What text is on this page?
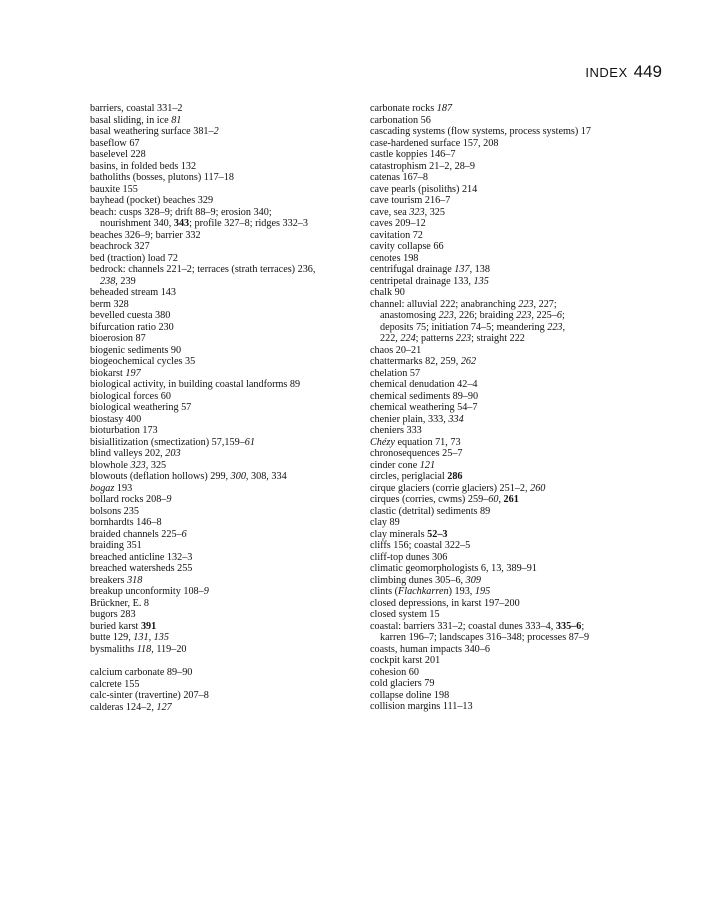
INDEX 449
barriers, coastal 331–2
basal sliding, in ice 81
basal weathering surface 381–2
baseflow 67
baselevel 228
basins, in folded beds 132
batholiths (bosses, plutons) 117–18
bauxite 155
bayhead (pocket) beaches 329
beach: cusps 328–9; drift 88–9; erosion 340;
nourishment 340, 343; profile 327–8; ridges 332–3
beaches 326–9; barrier 332
beachrock 327
bed (traction) load 72
bedrock: channels 221–2; terraces (strath terraces) 236,
238, 239
beheaded stream 143
berm 328
bevelled cuesta 380
bifurcation ratio 230
bioerosion 87
biogenic sediments 90
biogeochemical cycles 35
biokarst 197
biological activity, in building coastal landforms 89
biological forces 60
biological weathering 57
biostasy 400
bioturbation 173
bisiallitization (smectization) 57,159–61
blind valleys 202, 203
blowhole 323, 325
blowouts (deflation hollows) 299, 300, 308, 334
bogaz 193
bollard rocks 208–9
bolsons 235
bornhardts 146–8
braided channels 225–6
braiding 351
breached anticline 132–3
breached watersheds 255
breakers 318
breakup unconformity 108–9
Brückner, E. 8
bugors 283
buried karst 391
butte 129, 131, 135
bysmaliths 118, 119–20
calcium carbonate 89–90
calcrete 155
calc-sinter (travertine) 207–8
calderas 124–2, 127
carbonate rocks 187
carbonation 56
cascading systems (flow systems, process systems) 17
case-hardened surface 157, 208
castle koppies 146–7
catastrophism 21–2, 28–9
catenas 167–8
cave pearls (pisoliths) 214
cave tourism 216–7
cave, sea 323, 325
caves 209–12
cavitation 72
cavity collapse 66
cenotes 198
centrifugal drainage 137, 138
centripetal drainage 133, 135
chalk 90
channel: alluvial 222; anabranching 223, 227;
anastomosing 223, 226; braiding 223, 225–6;
deposits 75; initiation 74–5; meandering 223,
222, 224; patterns 223; straight 222
chaos 20–21
chattermarks 82, 259, 262
chelation 57
chemical denudation 42–4
chemical sediments 89–90
chemical weathering 54–7
chenier plain, 333, 334
cheniers 333
Chézy equation 71, 73
chronosequences 25–7
cinder cone 121
circles, periglacial 286
cirque glaciers (corrie glaciers) 251–2, 260
cirques (corries, cwms) 259–60, 261
clastic (detrital) sediments 89
clay 89
clay minerals 52–3
cliffs 156; coastal 322–5
cliff-top dunes 306
climatic geomorphologists 6, 13, 389–91
climbing dunes 305–6, 309
clints (Flachkarren) 193, 195
closed depressions, in karst 197–200
closed system 15
coastal: barriers 331–2; coastal dunes 333–4, 335–6;
karren 196–7; landscapes 316–348; processes 87–9
coasts, human impacts 340–6
cockpit karst 201
cohesion 60
cold glaciers 79
collapse doline 198
collision margins 111–13
